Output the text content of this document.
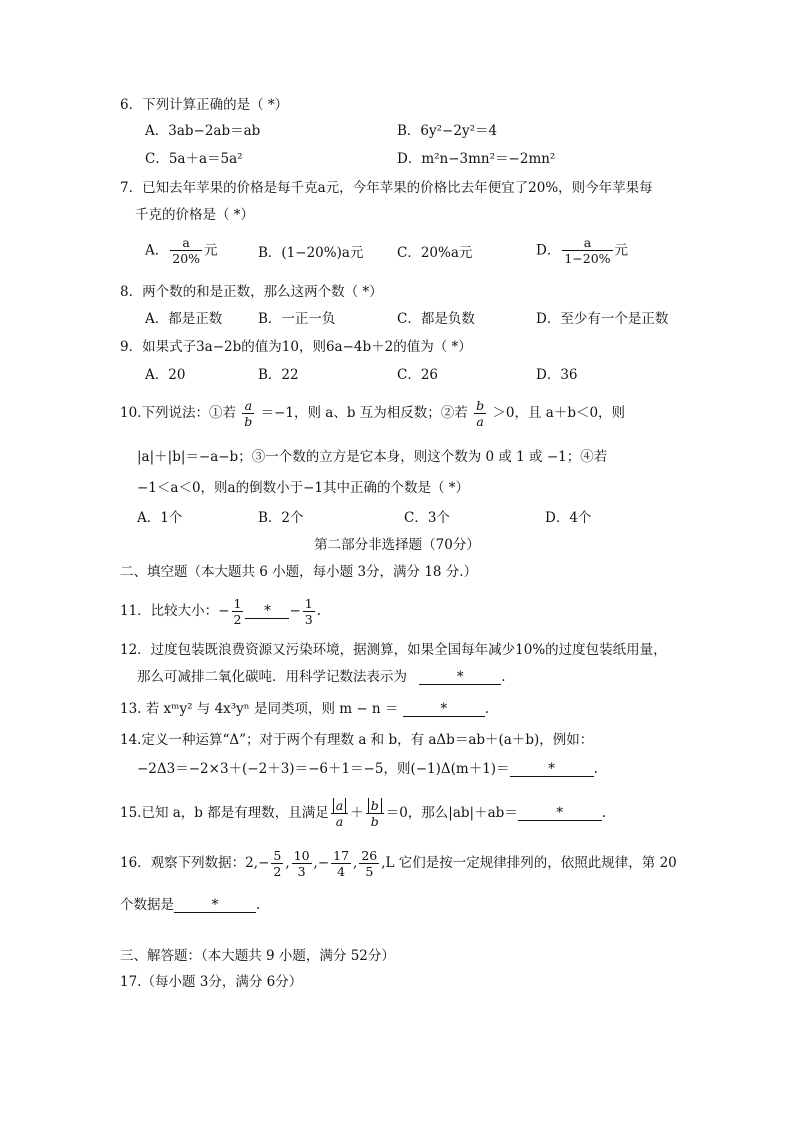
6．下列计算正确的是（ *）
A．3ab−2ab＝ab	B．6y²−2y²＝4
C．5a＋a＝5a²	D．m²n−3mn²＝−2mn²
7．已知去年苹果的价格是每千克a元，今年苹果的价格比去年便宜了20%，则今年苹果每
千克的价格是（ *）
A． $\frac{a}{20\%}$ 元	B．(1−20%)a元 C．20%a元	D． $\frac{a}{1-20\%}$ 元
8．两个数的和是正数，那么这两个数（ *）
A．都是正数	B．一正一负	C．都是负数	D．至少有一个是正数
9．如果式子3a−2b的值为10，则6a−4b＋2的值为（ *）
A．20	B．22	C．26	D．36
10.下列说法：①若 $\frac{a}{b} =-1$，则 a、b 互为相反数；②若 $\frac{b}{a} >0$，且 a＋b＜0，则
|a|＋|b|＝−a−b；③一个数的立方是它本身，则这个数为 0 或 1 或 −1；④若
−1＜a＜0，则a的倒数小于−1其中正确的个数是（ *）
A．1个	B．2个	C．3个	D．4个
第二部分非选择题（70分）
二、填空题（本大题共 6 小题，每小题 3分，满分 18 分.）
11．比较大小：− $\frac{1}{2}$ * − $\frac{1}{3}$ .
12．过度包装既浪费资源又污染环境，据测算，如果全国每年减少10%的过度包装纸用量，
那么可减排二氧化碳吨．用科学记数法表示为	*	.
13. 若 xᵐy² 与 4x³yⁿ 是同类项，则 m − n ＝	*	.
14.定义一种运算“Δ”；对于两个有理数 a 和 b，有 aΔb＝ab＋(a＋b)，例如：
−2Δ3＝−2×3＋(−2＋3)＝−6＋1＝−5，则(−1)Δ(m＋1)＝	*	.
15.已知 a，b 都是有理数，且满足 $\frac{a}{a} + \frac{b}{b} =0$，那么|ab|＋ab＝	*	.
16．观察下列数据：$2,- \frac{5}{2}$ , $\frac{10}{3}$ ,− $\frac{17}{4}$ , $\frac{26}{5} ,L$ 它们是按一定规律排列的，依照此规律，第 20
个数据是	*	.
三、解答题：（本大题共 9 小题，满分 52分）
17.（每小题 3分，满分 6分）
